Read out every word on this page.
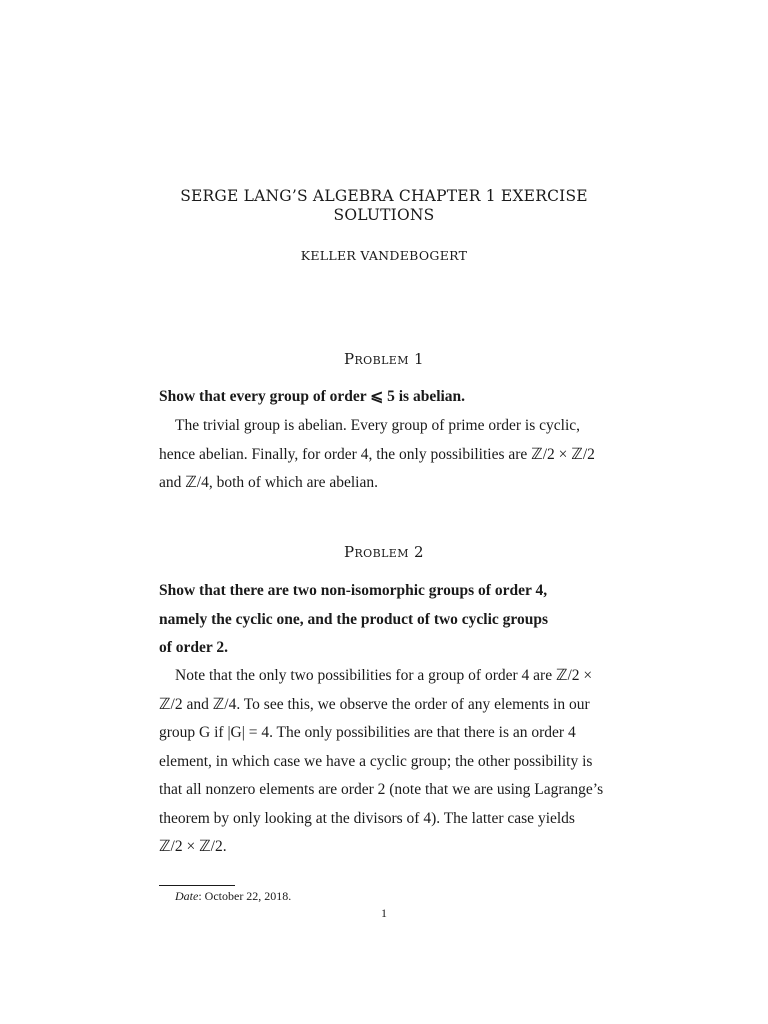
SERGE LANG’S ALGEBRA CHAPTER 1 EXERCISE
SOLUTIONS
KELLER VANDEBOGERT
Problem 1

Show that every group of order ⩽ 5 is abelian.

The trivial group is abelian. Every group of prime order is cyclic,
hence abelian. Finally, for order 4, the only possibilities are ℤ/2 × ℤ/2
and ℤ/4, both of which are abelian.
Problem 2
Show that there are two non-isomorphic groups of order 4,
namely the cyclic one, and the product of two cyclic groups
of order 2.
Note that the only two possibilities for a group of order 4 are ℤ/2 ×
ℤ/2 and ℤ/4. To see this, we observe the order of any elements in our
group G if |G| = 4. The only possibilities are that there is an order 4
element, in which case we have a cyclic group; the other possibility is
that all nonzero elements are order 2 (note that we are using Lagrange’s
theorem by only looking at the divisors of 4). The latter case yields
ℤ/2 × ℤ/2.
Date: October 22, 2018.
1
